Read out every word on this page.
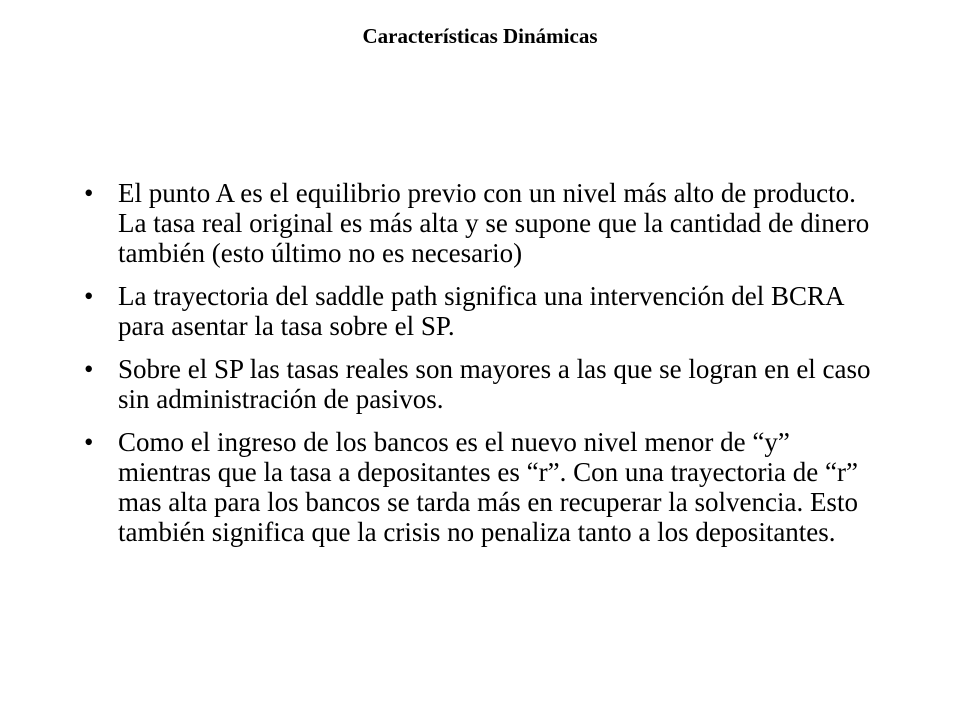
Características Dinámicas
• El punto A es el equilibrio previo con un nivel más alto de producto. La tasa real original es más alta y se supone que la cantidad de dinero también (esto último no es necesario)
• La trayectoria del saddle path significa una intervención del BCRA para asentar la tasa sobre el SP.
• Sobre el SP las tasas reales son mayores a las que se logran en el caso sin administración de pasivos.
• Como el ingreso de los bancos es el nuevo nivel menor de “y” mientras que la tasa a depositantes es “r”. Con una trayectoria de “r” mas alta para los bancos se tarda más en recuperar la solvencia. Esto también significa que la crisis no penaliza tanto a los depositantes.
